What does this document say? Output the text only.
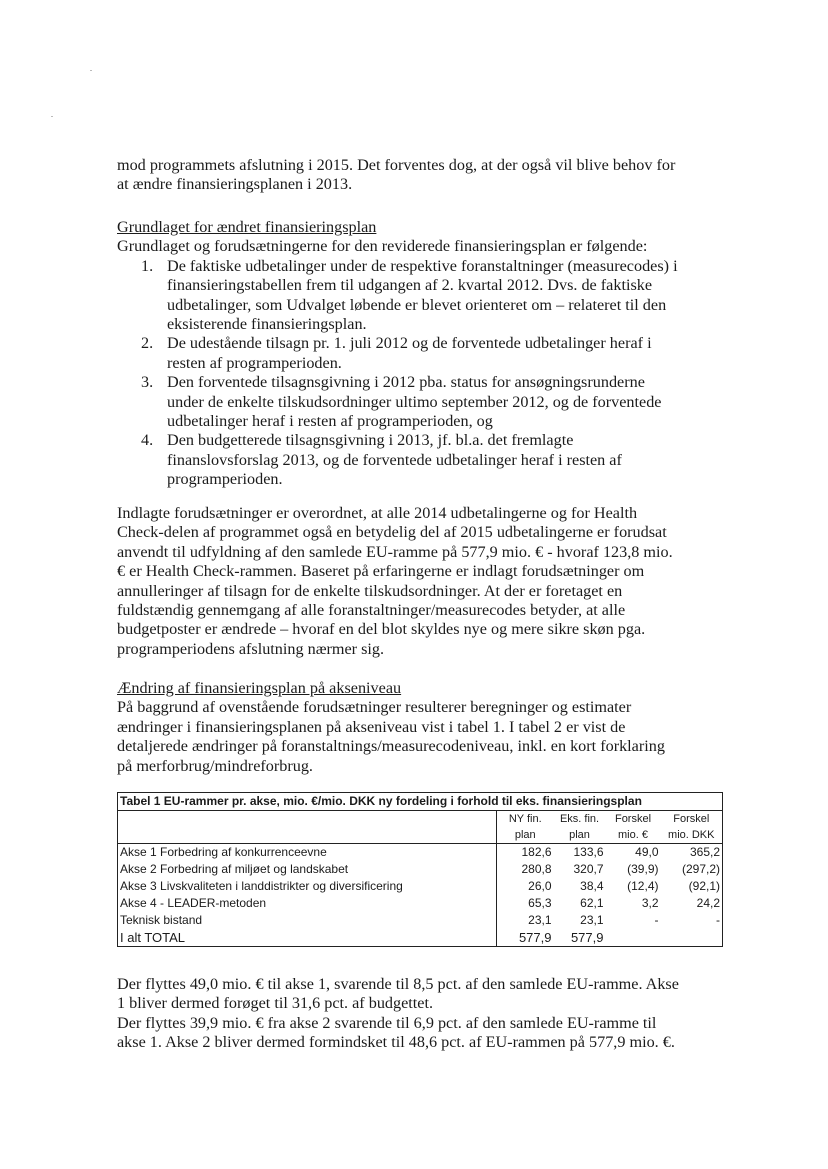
mod programmets afslutning i 2015. Det forventes dog, at der også vil blive behov for
at ændre finansieringsplanen i 2013.
Grundlaget for ændret finansieringsplan
Grundlaget og forudsætningerne for den reviderede finansieringsplan er følgende:
1. De faktiske udbetalinger under de respektive foranstaltninger (measurecodes) i
finansieringstabellen frem til udgangen af 2. kvartal 2012. Dvs. de faktiske
udbetalinger, som Udvalget løbende er blevet orienteret om – relateret til den
eksisterende finansieringsplan.
2. De udestående tilsagn pr. 1. juli 2012 og de forventede udbetalinger heraf i
resten af programperioden.
3. Den forventede tilsagnsgivning i 2012 pba. status for ansøgningsrunderne
under de enkelte tilskudsordninger ultimo september 2012, og de forventede
udbetalinger heraf i resten af programperioden, og
4. Den budgetterede tilsagnsgivning i 2013, jf. bl.a. det fremlagte
finanslovsforslag 2013, og de forventede udbetalinger heraf i resten af
programperioden.
Indlagte forudsætninger er overordnet, at alle 2014 udbetalingerne og for Health
Check-delen af programmet også en betydelig del af 2015 udbetalingerne er forudsat
anvendt til udfyldning af den samlede EU-ramme på 577,9 mio. € - hvoraf 123,8 mio.
€ er Health Check-rammen. Baseret på erfaringerne er indlagt forudsætninger om
annulleringer af tilsagn for de enkelte tilskudsordninger. At der er foretaget en
fuldstændig gennemgang af alle foranstaltninger/measurecodes betyder, at alle
budgetposter er ændrede – hvoraf en del blot skyldes nye og mere sikre skøn pga.
programperiodens afslutning nærmer sig.
Ændring af finansieringsplan på akseniveau
På baggrund af ovenstående forudsætninger resulterer beregninger og estimater
ændringer i finansieringsplanen på akseniveau vist i tabel 1. I tabel 2 er vist de
detaljerede ændringer på foranstaltnings/measurecodeniveau, inkl. en kort forklaring
på merforbrug/mindreforbrug.
Tabel 1 EU-rammer pr. akse, mio. €/mio. DKK ny fordeling i forhold til eks. finansieringsplan				
	NY fin.	Eks. fin.	Forskel	Forskel
	plan	plan	mio. €	mio. DKK
Akse 1 Forbedring af konkurrenceevne	182,6	133,6	49,0	365,2
Akse 2 Forbedring af miljøet og landskabet	280,8	320,7	(39,9)	(297,2)
Akse 3 Livskvaliteten i landdistrikter og diversificering	26,0	38,4	(12,4)	(92,1)
Akse 4 - LEADER-metoden	65,3	62,1	3,2	24,2
Teknisk bistand	23,1	23,1	-	-
I alt TOTAL	577,9	577,9		
Der flyttes 49,0 mio. € til akse 1, svarende til 8,5 pct. af den samlede EU-ramme. Akse
1 bliver dermed forøget til 31,6 pct. af budgettet.
Der flyttes 39,9 mio. € fra akse 2 svarende til 6,9 pct. af den samlede EU-ramme til
akse 1. Akse 2 bliver dermed formindsket til 48,6 pct. af EU-rammen på 577,9 mio. €.
